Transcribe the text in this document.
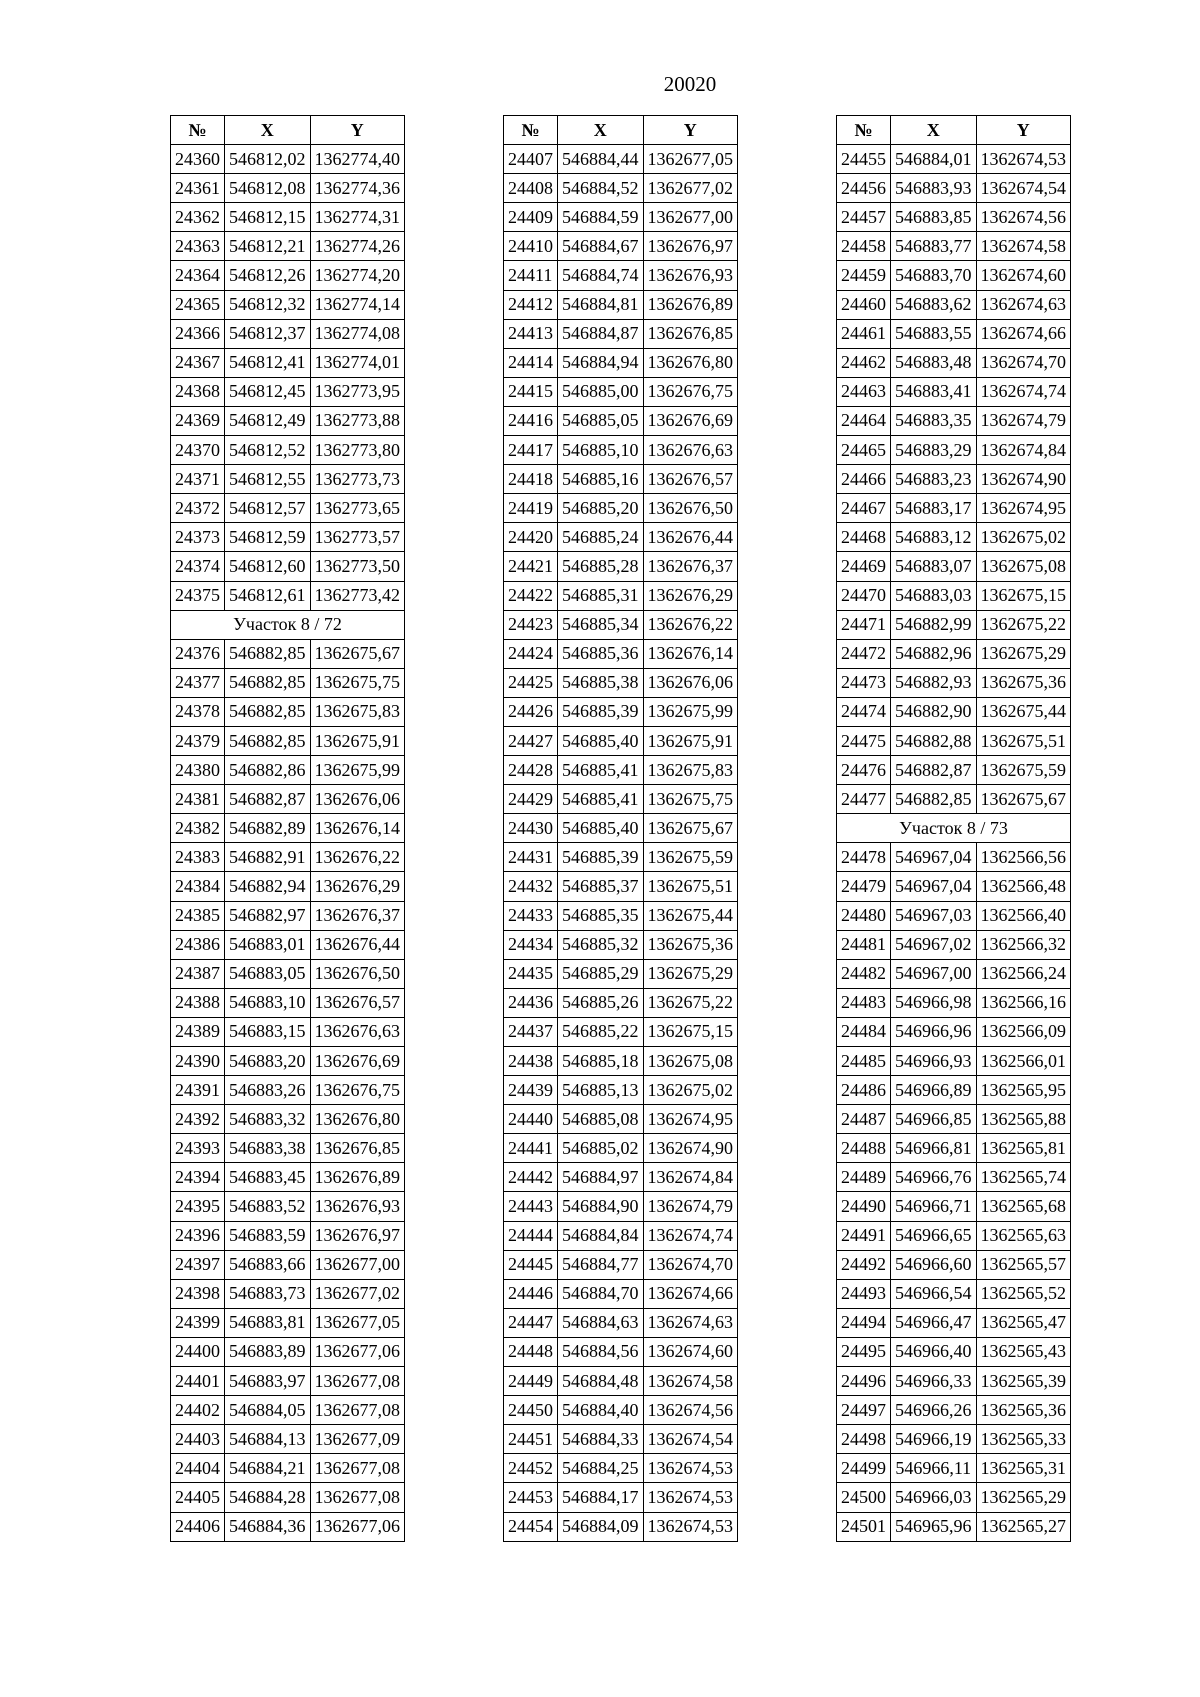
20020
№	X	Y
24360	546812,02	1362774,40
24361	546812,08	1362774,36
24362	546812,15	1362774,31
24363	546812,21	1362774,26
24364	546812,26	1362774,20
24365	546812,32	1362774,14
24366	546812,37	1362774,08
24367	546812,41	1362774,01
24368	546812,45	1362773,95
24369	546812,49	1362773,88
24370	546812,52	1362773,80
24371	546812,55	1362773,73
24372	546812,57	1362773,65
24373	546812,59	1362773,57
24374	546812,60	1362773,50
24375	546812,61	1362773,42
Участок 8 / 72		
24376	546882,85	1362675,67
24377	546882,85	1362675,75
24378	546882,85	1362675,83
24379	546882,85	1362675,91
24380	546882,86	1362675,99
24381	546882,87	1362676,06
24382	546882,89	1362676,14
24383	546882,91	1362676,22
24384	546882,94	1362676,29
24385	546882,97	1362676,37
24386	546883,01	1362676,44
24387	546883,05	1362676,50
24388	546883,10	1362676,57
24389	546883,15	1362676,63
24390	546883,20	1362676,69
24391	546883,26	1362676,75
24392	546883,32	1362676,80
24393	546883,38	1362676,85
24394	546883,45	1362676,89
24395	546883,52	1362676,93
24396	546883,59	1362676,97
24397	546883,66	1362677,00
24398	546883,73	1362677,02
24399	546883,81	1362677,05
24400	546883,89	1362677,06
24401	546883,97	1362677,08
24402	546884,05	1362677,08
24403	546884,13	1362677,09
24404	546884,21	1362677,08
24405	546884,28	1362677,08
24406	546884,36	1362677,06
№	X	Y
24407	546884,44	1362677,05
24408	546884,52	1362677,02
24409	546884,59	1362677,00
24410	546884,67	1362676,97
24411	546884,74	1362676,93
24412	546884,81	1362676,89
24413	546884,87	1362676,85
24414	546884,94	1362676,80
24415	546885,00	1362676,75
24416	546885,05	1362676,69
24417	546885,10	1362676,63
24418	546885,16	1362676,57
24419	546885,20	1362676,50
24420	546885,24	1362676,44
24421	546885,28	1362676,37
24422	546885,31	1362676,29
24423	546885,34	1362676,22
24424	546885,36	1362676,14
24425	546885,38	1362676,06
24426	546885,39	1362675,99
24427	546885,40	1362675,91
24428	546885,41	1362675,83
24429	546885,41	1362675,75
24430	546885,40	1362675,67
24431	546885,39	1362675,59
24432	546885,37	1362675,51
24433	546885,35	1362675,44
24434	546885,32	1362675,36
24435	546885,29	1362675,29
24436	546885,26	1362675,22
24437	546885,22	1362675,15
24438	546885,18	1362675,08
24439	546885,13	1362675,02
24440	546885,08	1362674,95
24441	546885,02	1362674,90
24442	546884,97	1362674,84
24443	546884,90	1362674,79
24444	546884,84	1362674,74
24445	546884,77	1362674,70
24446	546884,70	1362674,66
24447	546884,63	1362674,63
24448	546884,56	1362674,60
24449	546884,48	1362674,58
24450	546884,40	1362674,56
24451	546884,33	1362674,54
24452	546884,25	1362674,53
24453	546884,17	1362674,53
24454	546884,09	1362674,53
№	X	Y
24455	546884,01	1362674,53
24456	546883,93	1362674,54
24457	546883,85	1362674,56
24458	546883,77	1362674,58
24459	546883,70	1362674,60
24460	546883,62	1362674,63
24461	546883,55	1362674,66
24462	546883,48	1362674,70
24463	546883,41	1362674,74
24464	546883,35	1362674,79
24465	546883,29	1362674,84
24466	546883,23	1362674,90
24467	546883,17	1362674,95
24468	546883,12	1362675,02
24469	546883,07	1362675,08
24470	546883,03	1362675,15
24471	546882,99	1362675,22
24472	546882,96	1362675,29
24473	546882,93	1362675,36
24474	546882,90	1362675,44
24475	546882,88	1362675,51
24476	546882,87	1362675,59
24477	546882,85	1362675,67
Участок 8 / 73		
24478	546967,04	1362566,56
24479	546967,04	1362566,48
24480	546967,03	1362566,40
24481	546967,02	1362566,32
24482	546967,00	1362566,24
24483	546966,98	1362566,16
24484	546966,96	1362566,09
24485	546966,93	1362566,01
24486	546966,89	1362565,95
24487	546966,85	1362565,88
24488	546966,81	1362565,81
24489	546966,76	1362565,74
24490	546966,71	1362565,68
24491	546966,65	1362565,63
24492	546966,60	1362565,57
24493	546966,54	1362565,52
24494	546966,47	1362565,47
24495	546966,40	1362565,43
24496	546966,33	1362565,39
24497	546966,26	1362565,36
24498	546966,19	1362565,33
24499	546966,11	1362565,31
24500	546966,03	1362565,29
24501	546965,96	1362565,27
